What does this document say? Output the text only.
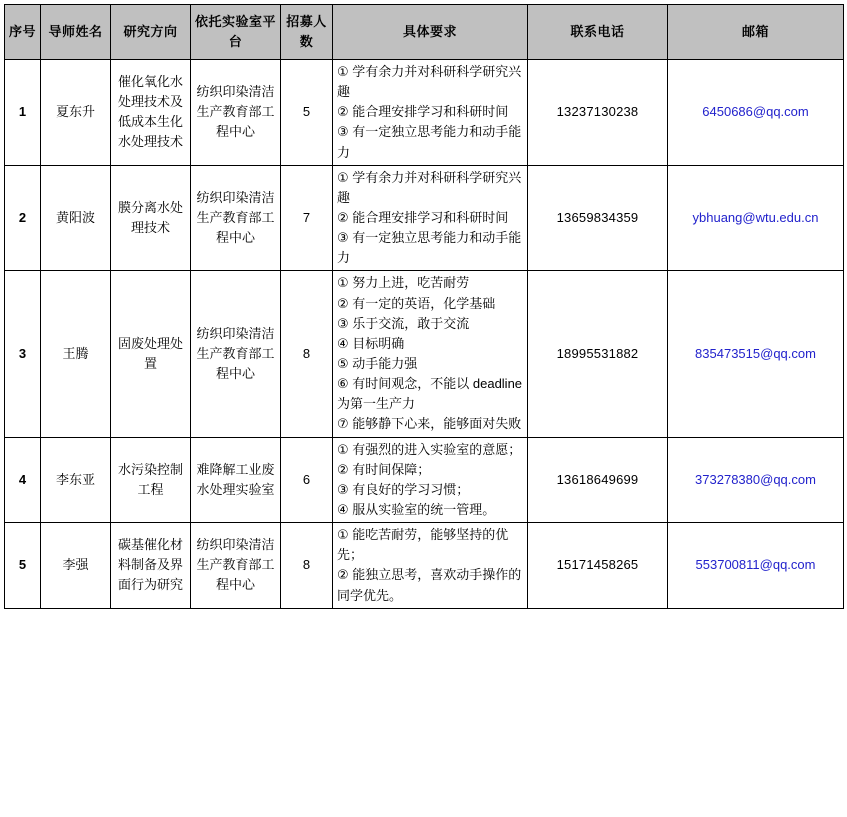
序号	导师姓名	研究方向	依托实验室平台	招募人数	具体要求	联系电话	邮箱

1	夏东升	催化氧化水处理技术及低成本生化水处理技术	纺织印染清洁生产教育部工程中心	5	① 学有余力并对科研科学研究兴趣
② 能合理安排学习和科研时间
③ 有一定独立思考能力和动手能力	13237130238	6450686@qq.com
2	黄阳波	膜分离水处理技术	纺织印染清洁生产教育部工程中心	7	① 学有余力并对科研科学研究兴趣
② 能合理安排学习和科研时间
③ 有一定独立思考能力和动手能力	13659834359	ybhuang@wtu.edu.cn
3	王腾	固废处理处置	纺织印染清洁生产教育部工程中心	8	
① 努力上进，吃苦耐劳
② 有一定的英语，化学基础
③ 乐于交流，敢于交流
④ 目标明确
⑤ 动手能力强
⑥ 有时间观念，不能以 deadline 为第一生产力
⑦ 能够静下心来，能够面对失败
	18995531882	835473515@qq.com
4	李东亚	水污染控制工程	难降解工业废水处理实验室	6	① 有强烈的进入实验室的意愿；
② 有时间保障；
③ 有良好的学习习惯；
④ 服从实验室的统一管理。	13618649699	373278380@qq.com
5	李强	碳基催化材料制备及界面行为研究	纺织印染清洁生产教育部工程中心	8	① 能吃苦耐劳，能够坚持的优先；
② 能独立思考，喜欢动手操作的同学优先。	15171458265	553700811@qq.com
